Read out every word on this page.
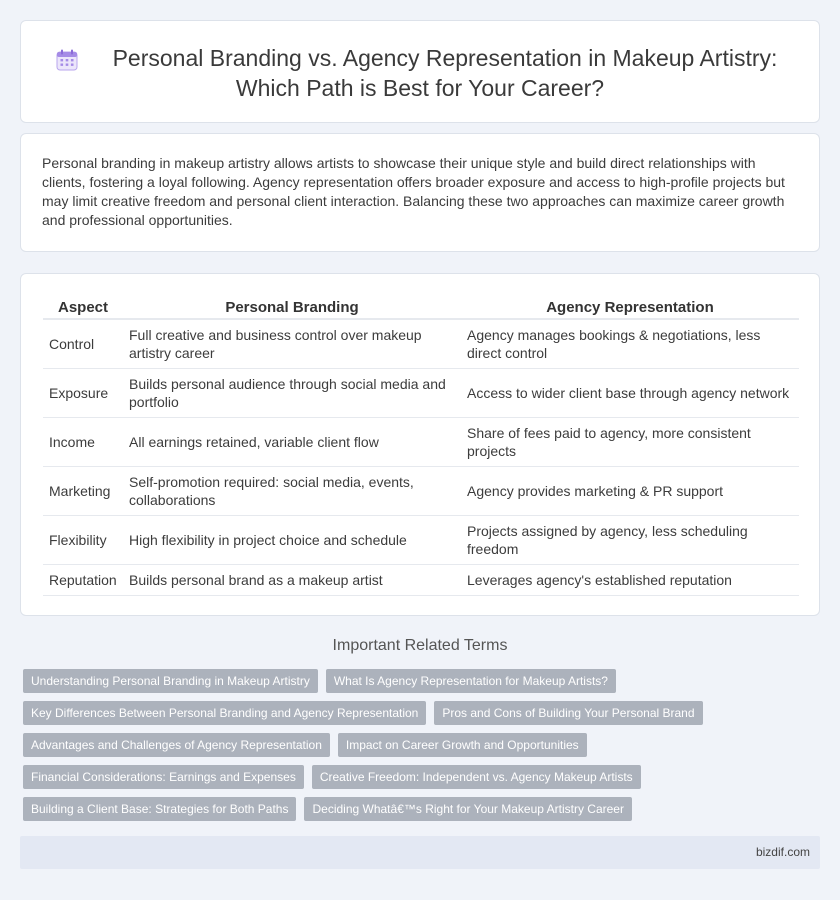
Personal Branding vs. Agency Representation in Makeup Artistry:
Which Path is Best for Your Career?

Personal branding in makeup artistry allows artists to showcase their unique style and build direct relationships with clients, fostering a loyal following. Agency representation offers broader exposure and access to high-profile projects but may limit creative freedom and personal client interaction. Balancing these two approaches can maximize career growth and professional opportunities.

Aspect	Personal Branding	Agency Representation
Control	Full creative and business control over makeup artistry career	Agency manages bookings & negotiations, less direct control
Exposure	Builds personal audience through social media and portfolio	Access to wider client base through agency network
Income	All earnings retained, variable client flow	Share of fees paid to agency, more consistent projects
Marketing	Self-promotion required: social media, events, collaborations	Agency provides marketing & PR support
Flexibility	High flexibility in project choice and schedule	Projects assigned by agency, less scheduling freedom
Reputation	Builds personal brand as a makeup artist	Leverages agency's established reputation
Important Related Terms
Understanding Personal Branding in Makeup Artistry	What Is Agency Representation for Makeup Artists?
Key Differences Between Personal Branding and Agency Representation	Pros and Cons of Building Your Personal Brand
Advantages and Challenges of Agency Representation	Impact on Career Growth and Opportunities
Financial Considerations: Earnings and Expenses	Creative Freedom: Independent vs. Agency Makeup Artists
Building a Client Base: Strategies for Both Paths	Deciding Whatâ€™s Right for Your Makeup Artistry Career
bizdif.com
